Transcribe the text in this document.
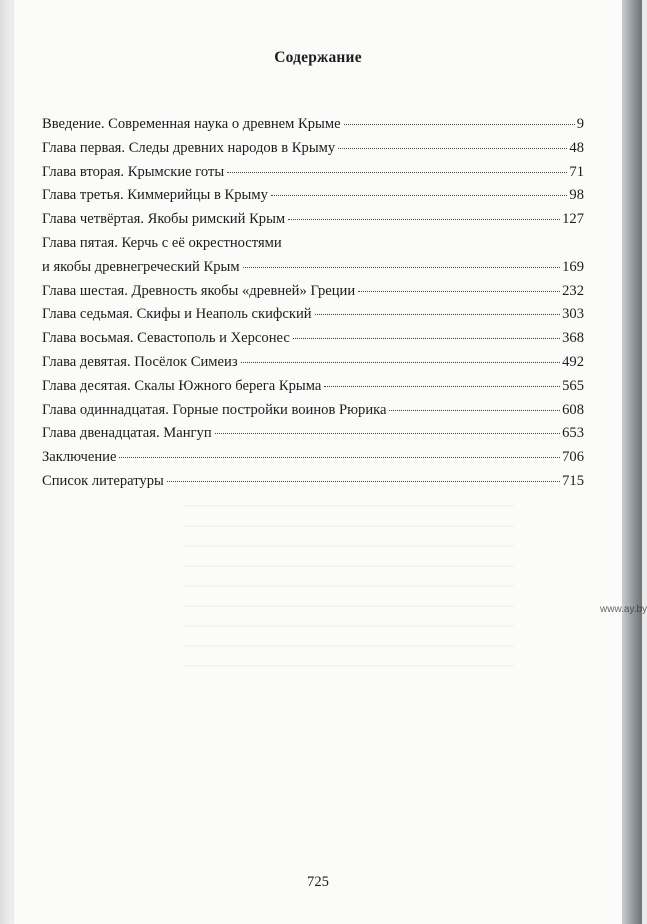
Содержание
Введение. Современная наука о древнем Крыме	9
Глава первая. Следы древних народов в Крыму	48
Глава вторая. Крымские готы	71
Глава третья. Киммерийцы в Крыму	98
Глава четвёртая. Якобы римский Крым	127
Глава пятая. Керчь с её окрестностями
и якобы древнегреческий Крым	169
Глава шестая. Древность якобы «древней» Греции	232
Глава седьмая. Скифы и Неаполь скифский	303
Глава восьмая. Севастополь и Херсонес	368
Глава девятая. Посёлок Симеиз	492
Глава десятая. Скалы Южного берега Крыма	565
Глава одиннадцатая. Горные постройки воинов Рюрика	608
Глава двенадцатая. Мангуп	653
Заключение	706
Список литературы	715
725
www.ay.by
